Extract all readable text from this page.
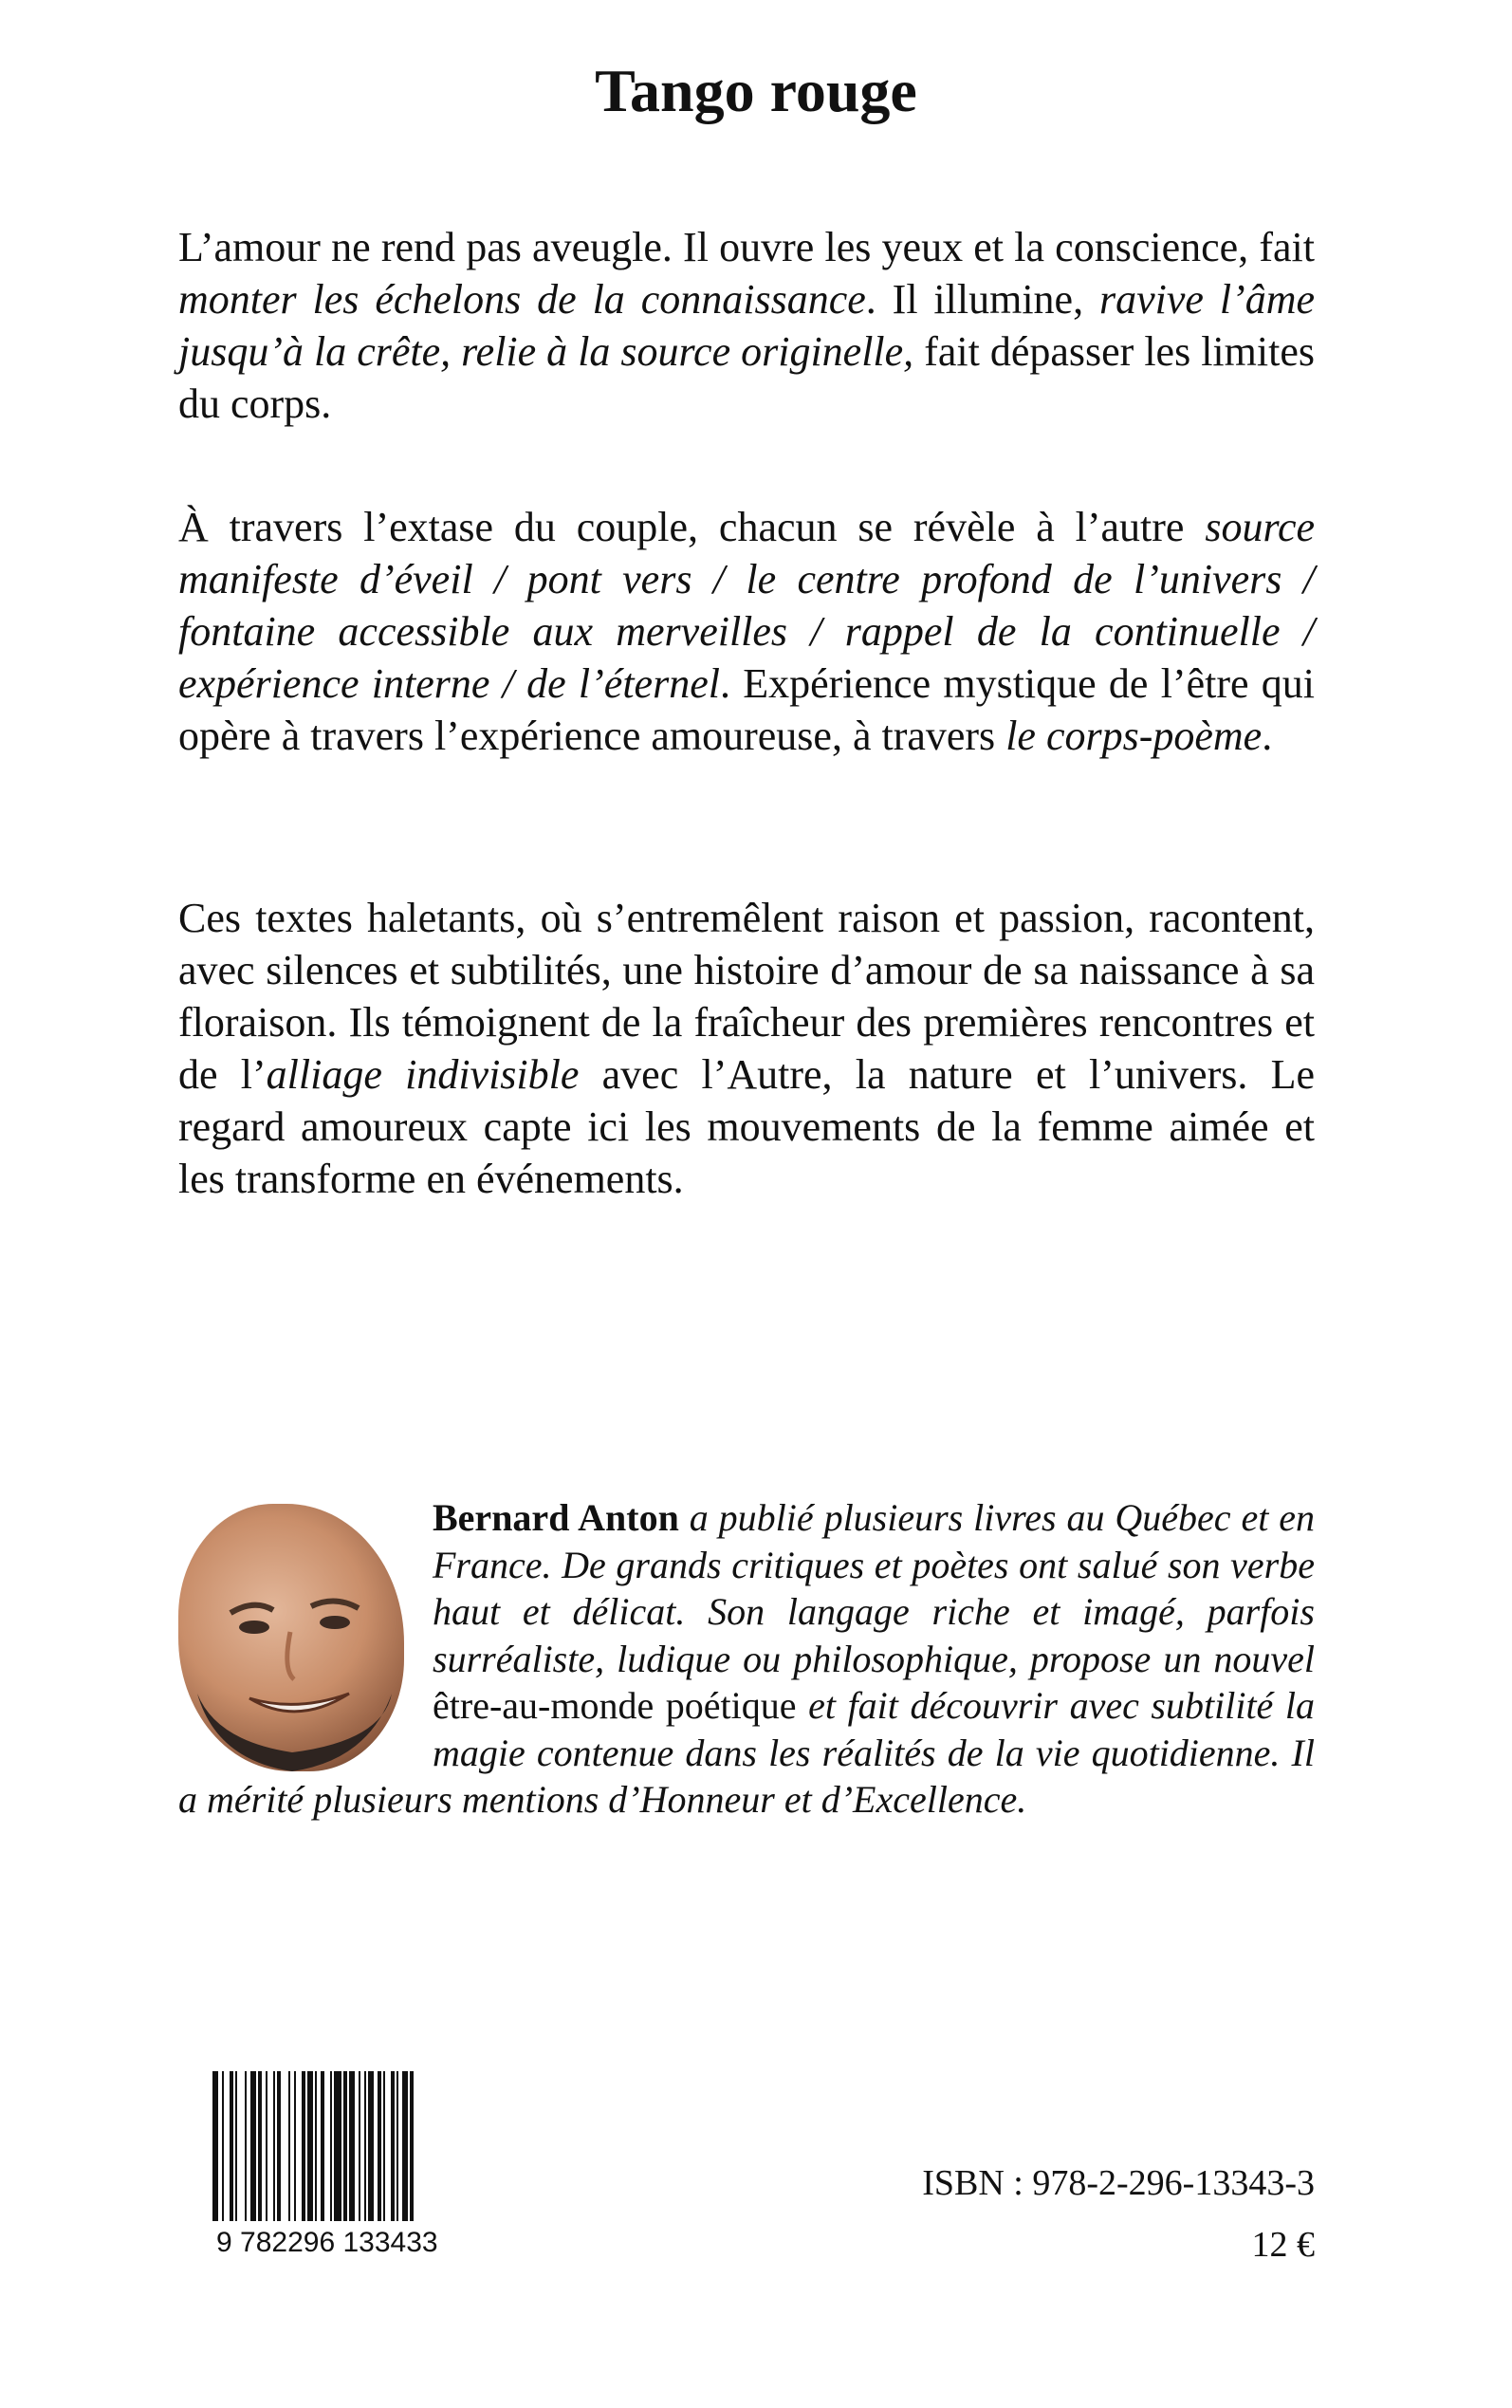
Tango rouge

L’amour ne rend pas aveugle. Il ouvre les yeux et la conscience, fait monter les échelons de la connaissance. Il illumine, ravive l’âme jusqu’à la crête, relie à la source originelle, fait dépasser les limites du corps.

À travers l’extase du couple, chacun se révèle à l’autre source manifeste d’éveil / pont vers / le centre profond de l’univers / fontaine accessible aux merveilles / rappel de la continuelle / expérience interne / de l’éternel. Expérience mystique de l’être qui opère à travers l’expérience amoureuse, à travers le corps-poème.

Ces textes haletants, où s’entremêlent raison et passion, racontent, avec silences et subtilités, une histoire d’amour de sa naissance à sa floraison. Ils témoignent de la fraîcheur des premières rencontres et de l’alliage indivisible avec l’Autre, la nature et l’univers. Le regard amoureux capte ici les mouvements de la femme aimée et les transforme en événements.

Bernard Anton a publié plusieurs livres au Québec et en France. De grands critiques et poètes ont salué son verbe haut et délicat. Son langage riche et imagé, parfois surréaliste, ludique ou philosophique, propose un nouvel être-au-monde poétique et fait découvrir avec subtilité la magie contenue dans les réalités de la vie quotidienne. Il a mérité plusieurs mentions d’Honneur et d’Excellence.

9 782296 133433
ISBN : 978-2-296-13343-3
12 €
